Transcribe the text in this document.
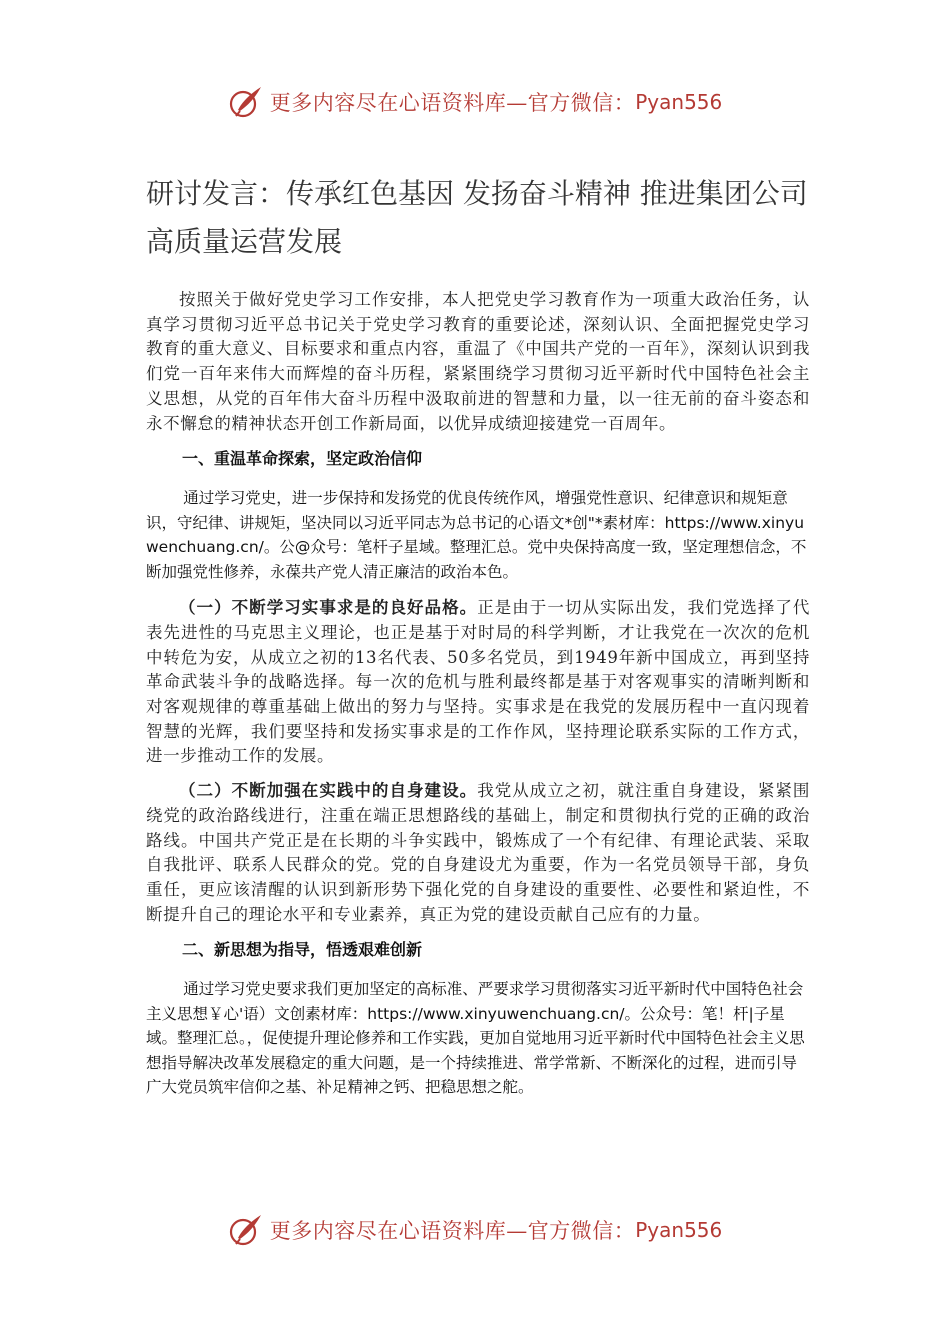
更多内容尽在心语资料库—官方微信： Pyan556
研讨发言：传承红色基因 发扬奋斗精神 推进集团公司高质量运营发展

按照关于做好党史学习工作安排，本人把党史学习教育作为一项重大政治任务，认真学习贯彻习近平总书记关于党史学习教育的重要论述，深刻认识、全面把握党史学习教育的重大意义、目标要求和重点内容，重温了《中国共产党的一百年》，深刻认识到我们党一百年来伟大而辉煌的奋斗历程，紧紧围绕学习贯彻习近平新时代中国特色社会主义思想，从党的百年伟大奋斗历程中汲取前进的智慧和力量，以一往无前的奋斗姿态和永不懈怠的精神状态开创工作新局面，以优异成绩迎接建党一百周年。

一、重温革命探索，坚定政治信仰

通过学习党史，进一步保持和发扬党的优良传统作风，增强党性意识、纪律意识和规矩意识，守纪律、讲规矩，坚决同以习近平同志为总书记的心语文*创"*素材库：https://www.xinyuwenchuang.cn/。公@众号：笔杆子星域。整理汇总。党中央保持高度一致，坚定理想信念，不断加强党性修养，永葆共产党人清正廉洁的政治本色。

（一）不断学习实事求是的良好品格。正是由于一切从实际出发，我们党选择了代表先进性的马克思主义理论，也正是基于对时局的科学判断，才让我党在一次次的危机中转危为安，从成立之初的13名代表、50多名党员，到1949年新中国成立，再到坚持革命武装斗争的战略选择。每一次的危机与胜利最终都是基于对客观事实的清晰判断和对客观规律的尊重基础上做出的努力与坚持。实事求是在我党的发展历程中一直闪现着智慧的光辉，我们要坚持和发扬实事求是的工作作风，坚持理论联系实际的工作方式，进一步推动工作的发展。

（二）不断加强在实践中的自身建设。我党从成立之初，就注重自身建设，紧紧围绕党的政治路线进行，注重在端正思想路线的基础上，制定和贯彻执行党的正确的政治路线。中国共产党正是在长期的斗争实践中，锻炼成了一个有纪律、有理论武装、采取自我批评、联系人民群众的党。党的自身建设尤为重要，作为一名党员领导干部，身负重任，更应该清醒的认识到新形势下强化党的自身建设的重要性、必要性和紧迫性，不断提升自己的理论水平和专业素养，真正为党的建设贡献自己应有的力量。

二、新思想为指导，悟透艰难创新

通过学习党史要求我们更加坚定的高标准、严要求学习贯彻落实习近平新时代中国特色社会主义思想￥心'语）文创素材库：https://www.xinyuwenchuang.cn/。公众号：笔！杆|子星域。整理汇总。，促使提升理论修养和工作实践，更加自觉地用习近平新时代中国特色社会主义思想指导解决改革发展稳定的重大问题，是一个持续推进、常学常新、不断深化的过程，进而引导广大党员筑牢信仰之基、补足精神之钙、把稳思想之舵。

更多内容尽在心语资料库—官方微信： Pyan556
